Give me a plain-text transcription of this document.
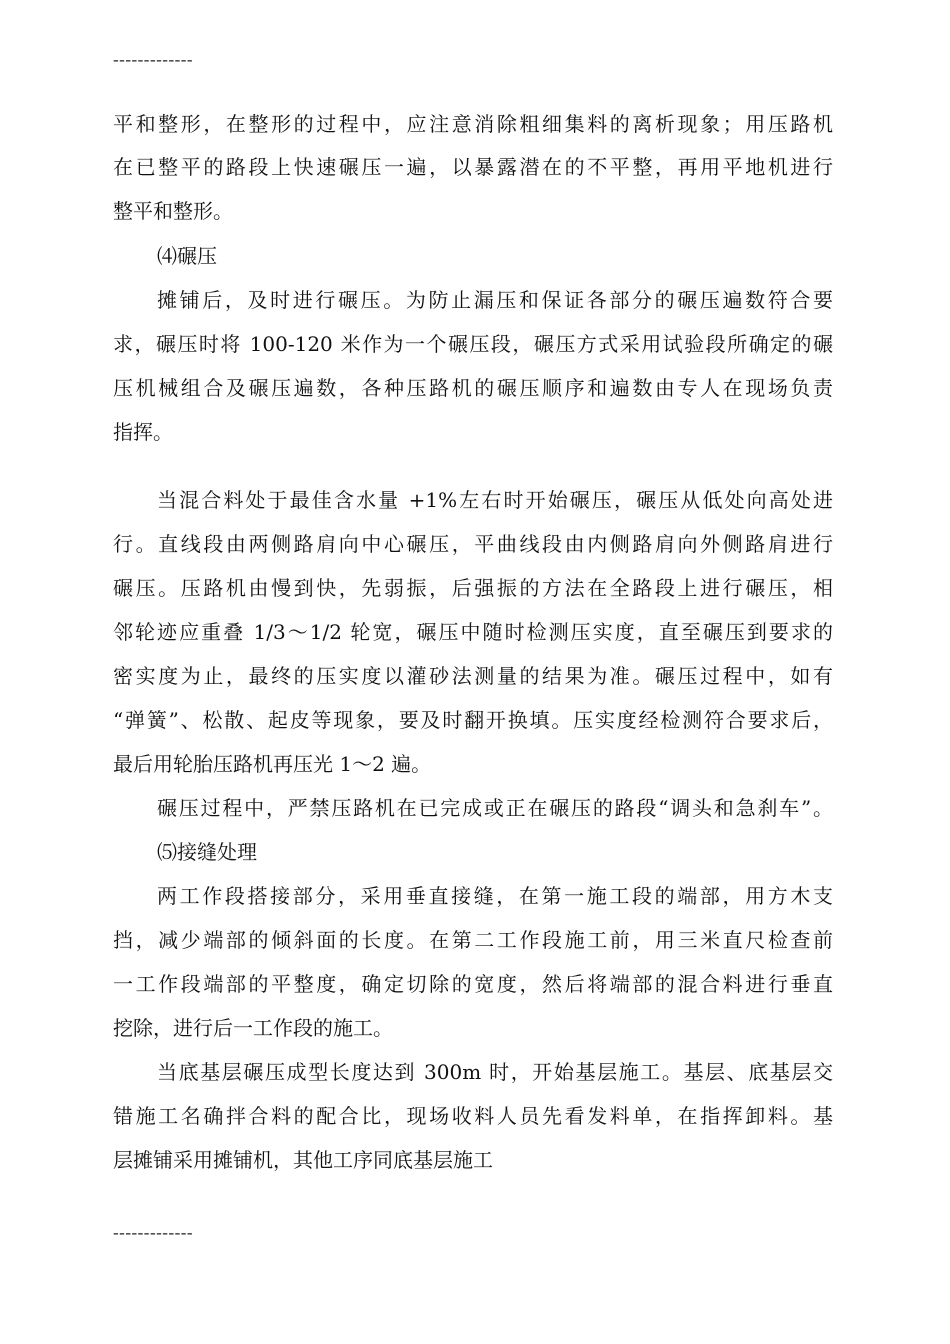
-------------
平和整形，在整形的过程中，应注意消除粗细集料的离析现象；用压路机
在已整平的路段上快速碾压一遍，以暴露潜在的不平整，再用平地机进行
整平和整形。
⑷碾压
摊铺后，及时进行碾压。为防止漏压和保证各部分的碾压遍数符合要
求，碾压时将 100-120 米作为一个碾压段，碾压方式采用试验段所确定的碾
压机械组合及碾压遍数，各种压路机的碾压顺序和遍数由专人在现场负责
指挥。
当混合料处于最佳含水量 +1%左右时开始碾压，碾压从低处向高处进
行。直线段由两侧路肩向中心碾压，平曲线段由内侧路肩向外侧路肩进行
碾压。压路机由慢到快，先弱振，后强振的方法在全路段上进行碾压，相
邻轮迹应重叠 1/3～1/2 轮宽，碾压中随时检测压实度，直至碾压到要求的
密实度为止，最终的压实度以灌砂法测量的结果为准。碾压过程中，如有
“弹簧”、松散、起皮等现象，要及时翻开换填。压实度经检测符合要求后，
最后用轮胎压路机再压光 1～2 遍。
碾压过程中，严禁压路机在已完成或正在碾压的路段“调头和急刹车”。
⑸接缝处理
两工作段搭接部分，采用垂直接缝，在第一施工段的端部，用方木支
挡，减少端部的倾斜面的长度。在第二工作段施工前，用三米直尺检查前
一工作段端部的平整度，确定切除的宽度，然后将端部的混合料进行垂直
挖除，进行后一工作段的施工。
当底基层碾压成型长度达到 300m 时，开始基层施工。基层、底基层交
错施工名确拌合料的配合比，现场收料人员先看发料单，在指挥卸料。基
层摊铺采用摊铺机，其他工序同底基层施工
-------------
